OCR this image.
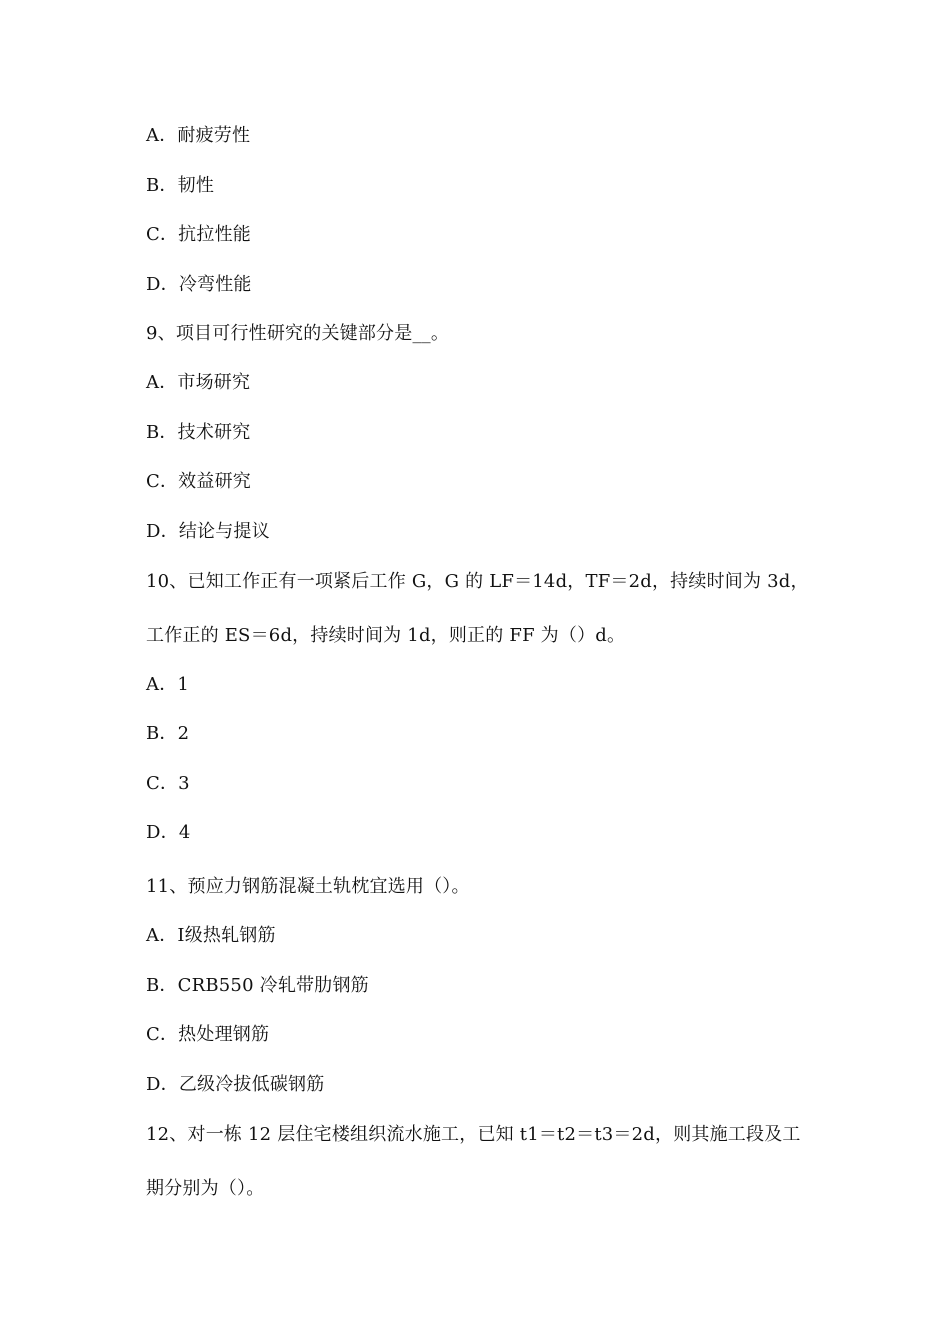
A．耐疲劳性
B．韧性
C．抗拉性能
D．冷弯性能
9、项目可行性研究的关键部分是__。
A．市场研究
B．技术研究
C．效益研究
D．结论与提议
10、已知工作正有一项紧后工作 G，G 的 LF＝14d，TF＝2d，持续时间为 3d，
工作正的 ES＝6d，持续时间为 1d，则正的 FF 为（）d。
A．1
B．2
C．3
D．4
11、预应力钢筋混凝土轨枕宜选用（）。
A．Ⅰ级热轧钢筋
B．CRB550 冷轧带肋钢筋
C．热处理钢筋
D．乙级冷拔低碳钢筋
12、对一栋 12 层住宅楼组织流水施工，已知 t1＝t2＝t3＝2d，则其施工段及工
期分别为（）。
